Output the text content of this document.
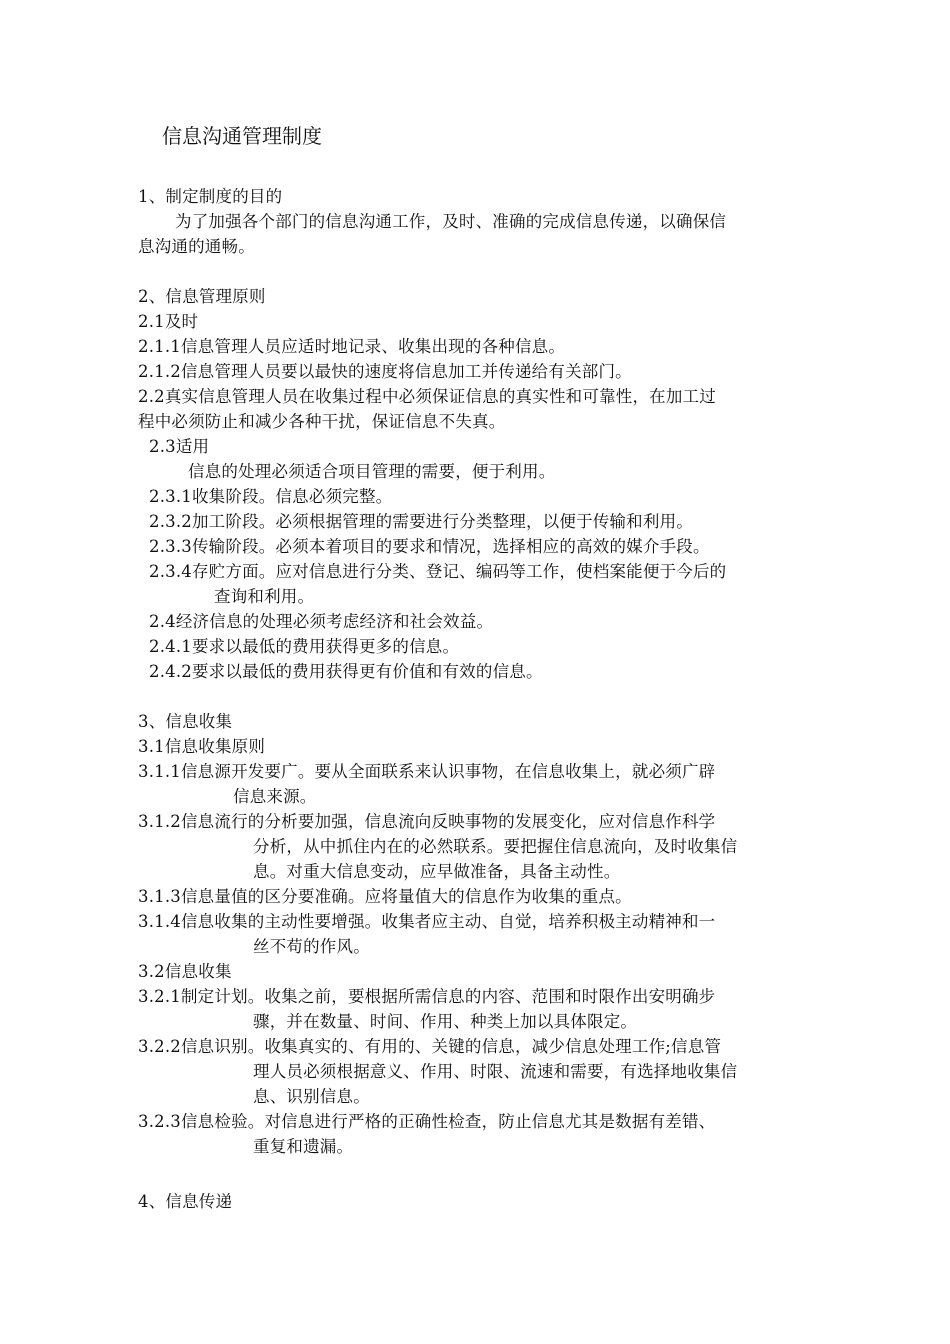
信息沟通管理制度
1、制定制度的目的
为了加强各个部门的信息沟通工作，及时、准确的完成信息传递，以确保信
息沟通的通畅。
2、信息管理原则
2.1及时
2.1.1信息管理人员应适时地记录、收集出现的各种信息。
2.1.2信息管理人员要以最快的速度将信息加工并传递给有关部门。
2.2真实信息管理人员在收集过程中必须保证信息的真实性和可靠性，在加工过
程中必须防止和减少各种干扰，保证信息不失真。
2.3适用
信息的处理必须适合项目管理的需要，便于利用。
2.3.1收集阶段。信息必须完整。
2.3.2加工阶段。必须根据管理的需要进行分类整理，以便于传输和利用。
2.3.3传输阶段。必须本着项目的要求和情况，选择相应的高效的媒介手段。
2.3.4存贮方面。应对信息进行分类、登记、编码等工作，使档案能便于今后的
查询和利用。
2.4经济信息的处理必须考虑经济和社会效益。
2.4.1要求以最低的费用获得更多的信息。
2.4.2要求以最低的费用获得更有价值和有效的信息。
3、信息收集
3.1信息收集原则
3.1.1信息源开发要广。要从全面联系来认识事物，在信息收集上，就必须广辟
信息来源。
3.1.2信息流行的分析要加强，信息流向反映事物的发展变化，应对信息作科学
分析，从中抓住内在的必然联系。要把握住信息流向，及时收集信
息。对重大信息变动，应早做准备，具备主动性。
3.1.3信息量值的区分要准确。应将量值大的信息作为收集的重点。
3.1.4信息收集的主动性要增强。收集者应主动、自觉，培养积极主动精神和一
丝不苟的作风。
3.2信息收集
3.2.1制定计划。收集之前，要根据所需信息的内容、范围和时限作出安明确步
骤，并在数量、时间、作用、种类上加以具体限定。
3.2.2信息识别。收集真实的、有用的、关键的信息，减少信息处理工作;信息管
理人员必须根据意义、作用、时限、流速和需要，有选择地收集信
息、识别信息。
3.2.3信息检验。对信息进行严格的正确性检查，防止信息尤其是数据有差错、
重复和遗漏。
4、信息传递
